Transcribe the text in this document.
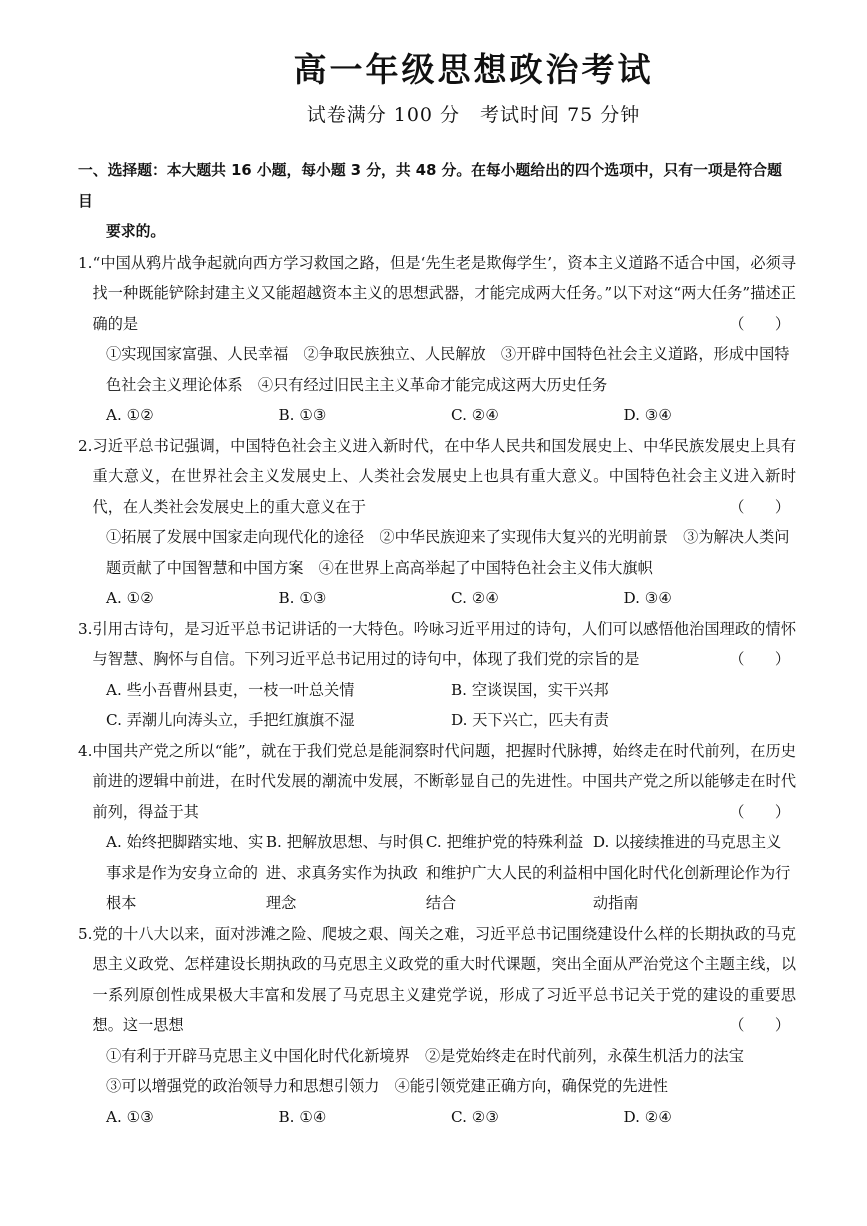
高一年级思想政治考试
试卷满分 100 分　考试时间 75 分钟
一、选择题：本大题共 16 小题，每小题 3 分，共 48 分。在每小题给出的四个选项中，只有一项是符合题目
要求的。
1. “中国从鸦片战争起就向西方学习救国之路，但是‘先生老是欺侮学生’，资本主义道路不适合中国，必须寻找一种既能铲除封建主义又能超越资本主义的思想武器，才能完成两大任务。”以下对这“两大任务”描述正确的是	（　　）
①实现国家富强、人民幸福　②争取民族独立、人民解放　③开辟中国特色社会主义道路，形成中国特色社会主义理论体系　④只有经过旧民主主义革命才能完成这两大历史任务
A. ①②	B. ①③	C. ②④	D. ③④
2. 习近平总书记强调，中国特色社会主义进入新时代，在中华人民共和国发展史上、中华民族发展史上具有重大意义，在世界社会主义发展史上、人类社会发展史上也具有重大意义。中国特色社会主义进入新时代，在人类社会发展史上的重大意义在于	（　　）
①拓展了发展中国家走向现代化的途径　②中华民族迎来了实现伟大复兴的光明前景　③为解决人类问题贡献了中国智慧和中国方案　④在世界上高高举起了中国特色社会主义伟大旗帜
A. ①②	B. ①③	C. ②④	D. ③④
3. 引用古诗句，是习近平总书记讲话的一大特色。吟咏习近平用过的诗句，人们可以感悟他治国理政的情怀与智慧、胸怀与自信。下列习近平总书记用过的诗句中，体现了我们党的宗旨的是	（　　）
A. 些小吾曹州县吏，一枝一叶总关情	B. 空谈误国，实干兴邦
C. 弄潮儿向涛头立，手把红旗旗不湿	D. 天下兴亡，匹夫有责
4. 中国共产党之所以“能”，就在于我们党总是能洞察时代问题，把握时代脉搏，始终走在时代前列，在历史前进的逻辑中前进，在时代发展的潮流中发展，不断彰显自己的先进性。中国共产党之所以能够走在时代前列，得益于其	（　　）
A. 始终把脚踏实地、实事求是作为安身立命的根本
B. 把解放思想、与时俱进、求真务实作为执政理念
C. 把维护党的特殊利益和维护广大人民的利益相结合
D. 以接续推进的马克思主义中国化时代化创新理论作为行动指南
5. 党的十八大以来，面对涉滩之险、爬坡之艰、闯关之难，习近平总书记围绕建设什么样的长期执政的马克思主义政党、怎样建设长期执政的马克思主义政党的重大时代课题，突出全面从严治党这个主题主线，以一系列原创性成果极大丰富和发展了马克思主义建党学说，形成了习近平总书记关于党的建设的重要思想。这一思想	（　　）
①有利于开辟马克思主义中国化时代化新境界　②是党始终走在时代前列，永葆生机活力的法宝
③可以增强党的政治领导力和思想引领力　④能引领党建正确方向，确保党的先进性
A. ①③	B. ①④	C. ②③	D. ②④
